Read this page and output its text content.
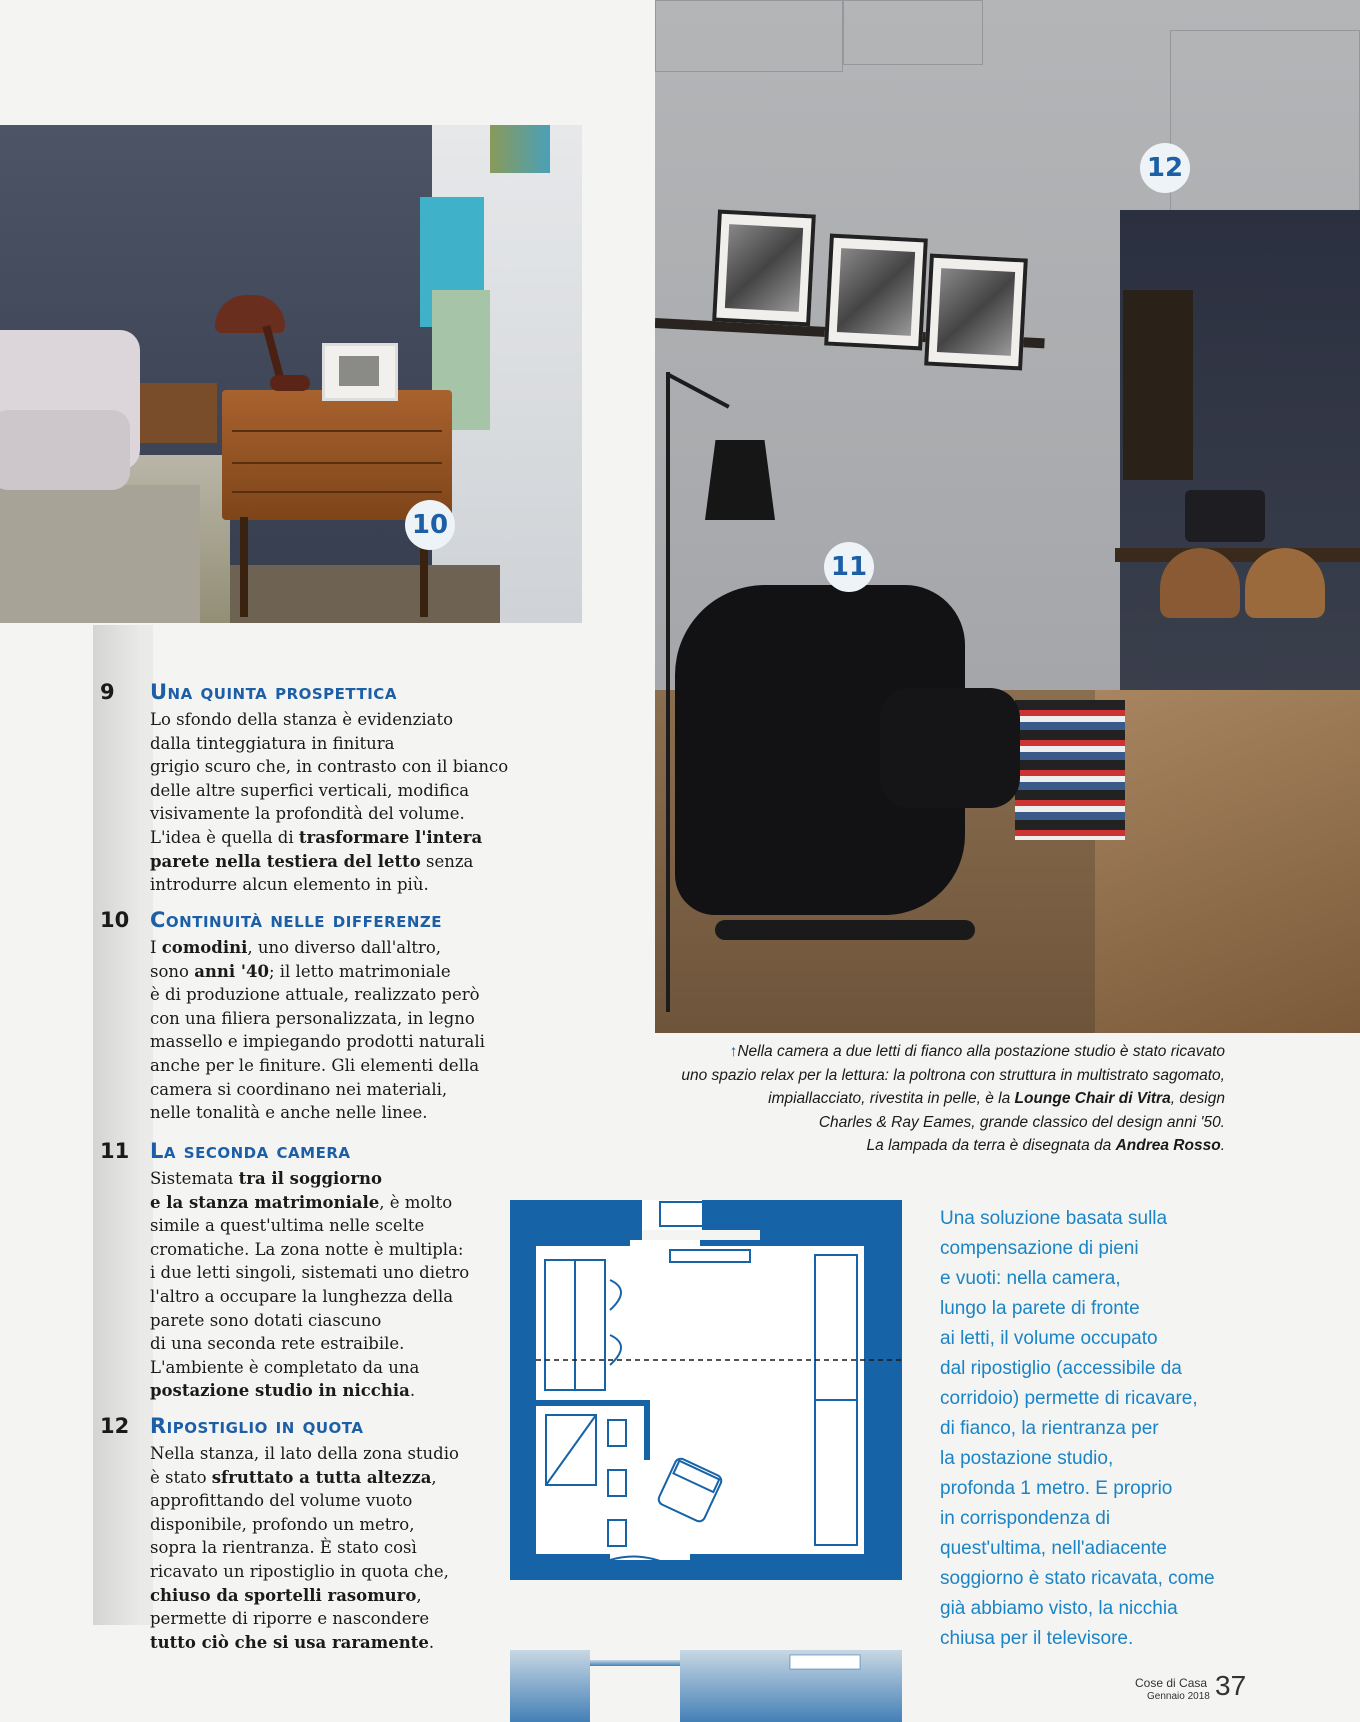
10
11
12
9 Una quinta prospettica
Lo sfondo della stanza è evidenziato
dalla tinteggiatura in finitura
grigio scuro che, in contrasto con il bianco
delle altre superfici verticali, modifica
visivamente la profondità del volume.
L'idea è quella di trasformare l'intera
parete nella testiera del letto senza
introdurre alcun elemento in più.
10 Continuità nelle differenze
I comodini, uno diverso dall'altro,
sono anni '40; il letto matrimoniale
è di produzione attuale, realizzato però
con una filiera personalizzata, in legno
massello e impiegando prodotti naturali
anche per le finiture. Gli elementi della
camera si coordinano nei materiali,
nelle tonalità e anche nelle linee.
11 La seconda camera
Sistemata tra il soggiorno
e la stanza matrimoniale, è molto
simile a quest'ultima nelle scelte
cromatiche. La zona notte è multipla:
i due letti singoli, sistemati uno dietro
l'altro a occupare la lunghezza della
parete sono dotati ciascuno
di una seconda rete estraibile.
L'ambiente è completato da una
postazione studio in nicchia.
12 Ripostiglio in quota
Nella stanza, il lato della zona studio
è stato sfruttato a tutta altezza,
approfittando del volume vuoto
disponibile, profondo un metro,
sopra la rientranza. È stato così
ricavato un ripostiglio in quota che,
chiuso da sportelli rasomuro,
permette di riporre e nascondere
tutto ciò che si usa raramente.
↑Nella camera a due letti di fianco alla postazione studio è stato ricavato
uno spazio relax per la lettura: la poltrona con struttura in multistrato sagomato,
impiallacciato, rivestita in pelle, è la Lounge Chair di Vitra, design
Charles & Ray Eames, grande classico del design anni '50.
La lampada da terra è disegnata da Andrea Rosso.
Una soluzione basata sulla
compensazione di pieni
e vuoti: nella camera,
lungo la parete di fronte
ai letti, il volume occupato
dal ripostiglio (accessibile da
corridoio) permette di ricavare,
di fianco, la rientranza per
la postazione studio,
profonda 1 metro. E proprio
in corrispondenza di
quest'ultima, nell'adiacente
soggiorno è stato ricavata, come
già abbiamo visto, la nicchia
chiusa per il televisore.
Cose di Casa
Gennaio 2018 37
